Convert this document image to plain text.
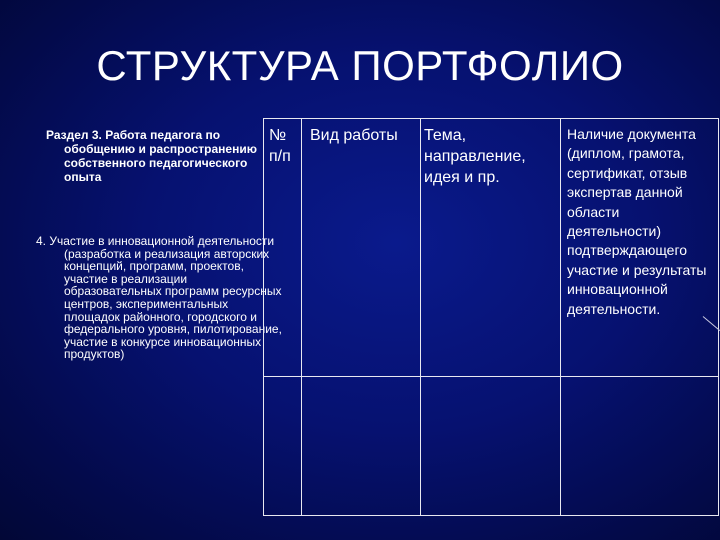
СТРУКТУРА ПОРТФОЛИО
Раздел 3. Работа педагога по обобщению и распространению собственного педагогического опыта
4. Участие в инновационной деятельности (разработка и реализация авторских концепций, программ, проектов, участие в реализации образовательных программ ресурсных центров, экспериментальных площадок районного, городского и федерального уровня, пилотирование, участие в конкурсе инновационных продуктов)
№ п/п
Вид работы	Тема, направление, идея и пр.
Наличие документа (диплом, грамота, сертификат, отзыв экспертав данной области деятельности) подтверждающего участие и результаты инновационной деятельности.
